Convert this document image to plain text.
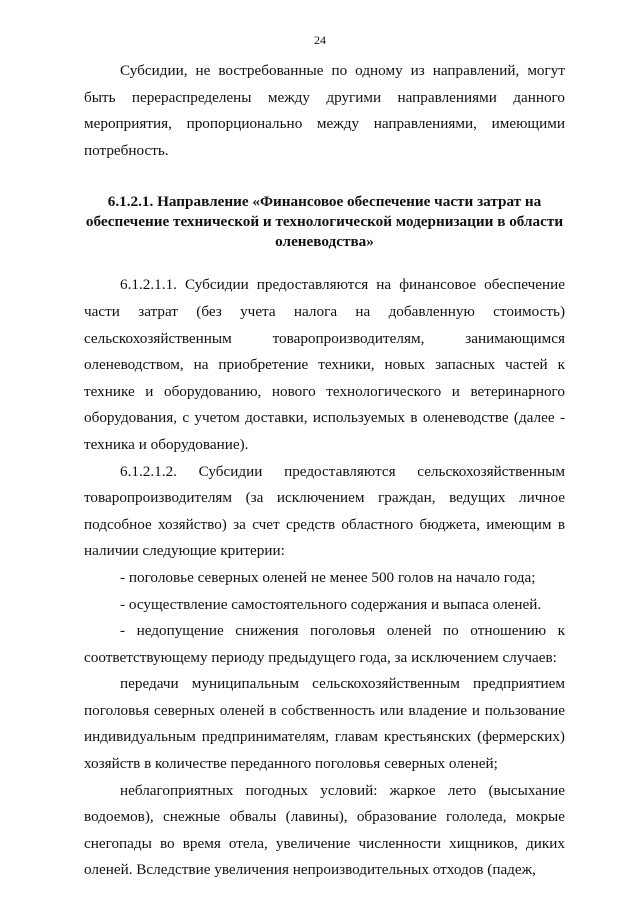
24

Субсидии, не востребованные по одному из направлений, могут быть перераспределены между другими направлениями данного мероприятия, пропорционально между направлениями, имеющими потребность.

6.1.2.1. Направление «Финансовое обеспечение части затрат на обеспечение технической и технологической модернизации в области оленеводства»

6.1.2.1.1. Субсидии предоставляются на финансовое обеспечение части затрат (без учета налога на добавленную стоимость) сельскохозяйственным товаропроизводителям, занимающимся оленеводством, на приобретение техники, новых запасных частей к технике и оборудованию, нового технологического и ветеринарного оборудования, с учетом доставки, используемых в оленеводстве (далее - техника и оборудование).

6.1.2.1.2. Субсидии предоставляются сельскохозяйственным товаропроизводителям (за исключением граждан, ведущих личное подсобное хозяйство) за счет средств областного бюджета, имеющим в наличии следующие критерии:

- поголовье северных оленей не менее 500 голов на начало года;

- осуществление самостоятельного содержания и выпаса оленей.

- недопущение снижения поголовья оленей по отношению к соответствующему периоду предыдущего года, за исключением случаев:

передачи муниципальным сельскохозяйственным предприятием поголовья северных оленей в собственность или владение и пользование индивидуальным предпринимателям, главам крестьянских (фермерских) хозяйств в количестве переданного поголовья северных оленей;

неблагоприятных погодных условий: жаркое лето (высыхание водоемов), снежные обвалы (лавины), образование гололеда, мокрые снегопады во время отела, увеличение численности хищников, диких оленей. Вследствие увеличения непроизводительных отходов (падеж,
